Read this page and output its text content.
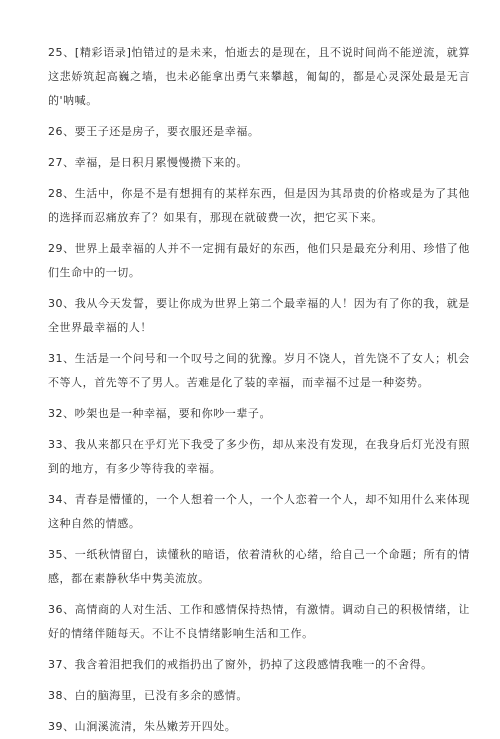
25、[精彩语录]怕错过的是未来，怕逝去的是现在，且不说时间尚不能逆流，就算这悲娇筑起高巍之墙，也未必能拿出勇气来攀越，匍匐的，都是心灵深处最是无言的'呐喊。

26、要王子还是房子，要衣服还是幸福。

27、幸福，是日积月累慢慢攒下来的。

28、生活中，你是不是有想拥有的某样东西，但是因为其昂贵的价格或是为了其他的选择而忍痛放弃了？如果有，那现在就破费一次，把它买下来。

29、世界上最幸福的人并不一定拥有最好的东西，他们只是最充分利用、珍惜了他们生命中的一切。

30、我从今天发誓，要让你成为世界上第二个最幸福的人！因为有了你的我，就是全世界最幸福的人！

31、生活是一个问号和一个叹号之间的犹豫。岁月不饶人，首先饶不了女人；机会不等人，首先等不了男人。苦难是化了装的幸福，而幸福不过是一种姿势。

32、吵架也是一种幸福，要和你吵一辈子。

33、我从来都只在乎灯光下我受了多少伤，却从来没有发现，在我身后灯光没有照到的地方，有多少等待我的幸福。

34、青春是懵懂的，一个人想着一个人，一个人恋着一个人，却不知用什么来体现这种自然的情感。

35、一纸秋情留白，读懂秋的暗语，依着清秋的心绪，给自己一个命题；所有的情感，都在素静秋华中隽美流放。

36、高情商的人对生活、工作和感情保持热情，有激情。调动自己的积极情绪，让好的情绪伴随每天。不让不良情绪影响生活和工作。

37、我含着泪把我们的戒指扔出了窗外，扔掉了这段感情我唯一的不舍得。

38、白的脑海里，已没有多余的感情。

39、山涧溪流清，朱丛嫩芳开四处。
